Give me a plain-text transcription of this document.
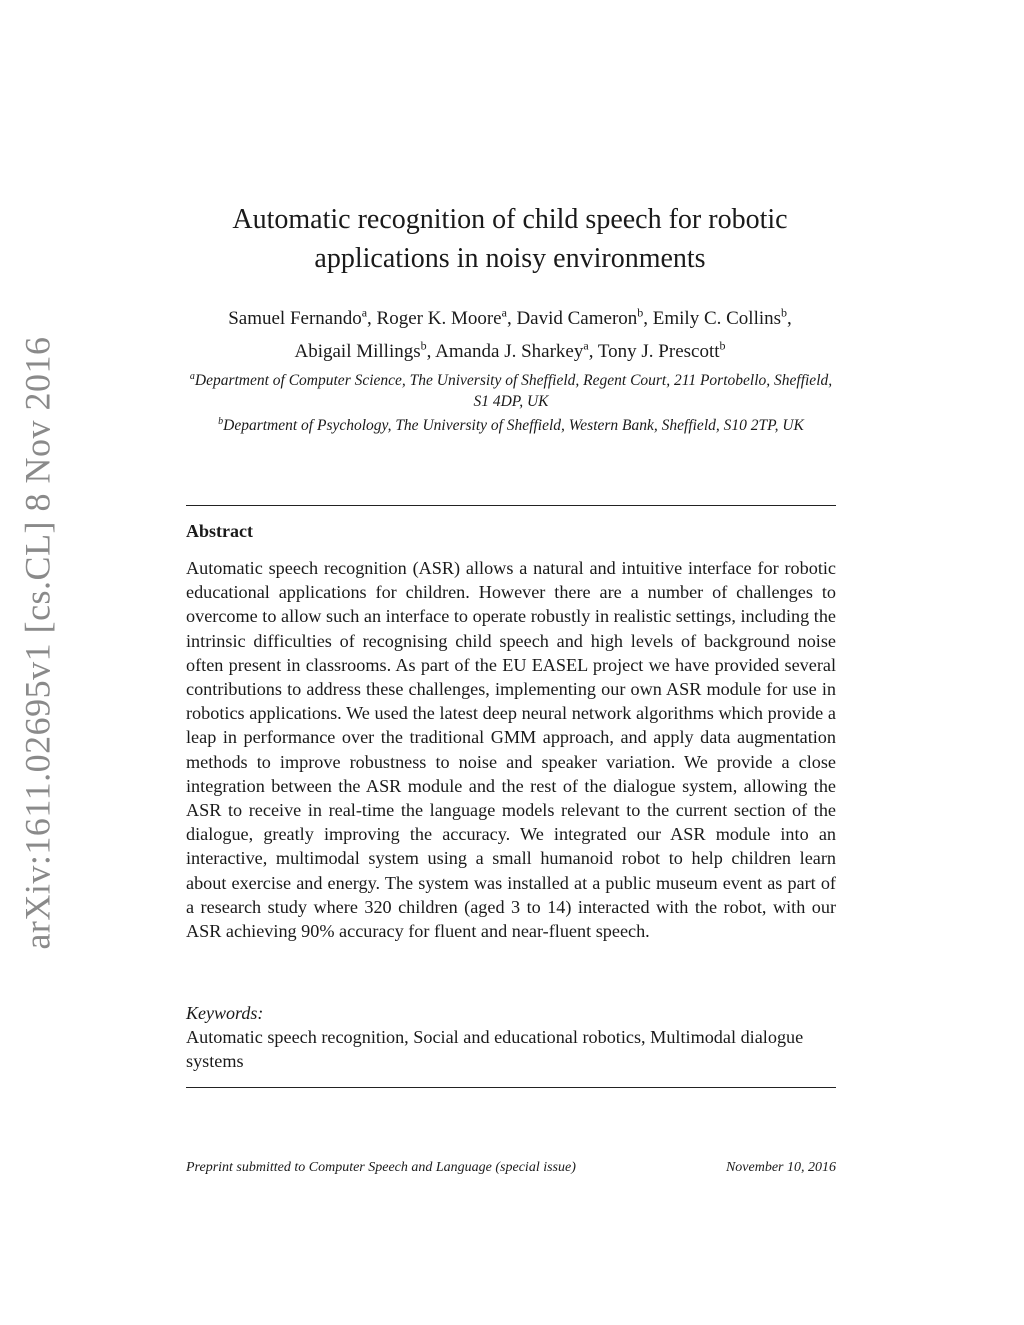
arXiv:1611.02695v1 [cs.CL] 8 Nov 2016
Automatic recognition of child speech for robotic applications in noisy environments
Samuel Fernando$^a$, Roger K. Moore$^a$, David Cameron$^b$, Emily C. Collins$^b$,
Abigail Millings$^b$, Amanda J. Sharkey$^a$, Tony J. Prescott$^b$
$^a$Department of Computer Science, The University of Sheffield, Regent Court, 211 Portobello, Sheffield, S1 4DP, UK
$^b$Department of Psychology, The University of Sheffield, Western Bank, Sheffield, S10 2TP, UK
Abstract

Automatic speech recognition (ASR) allows a natural and intuitive interface for robotic educational applications for children. However there are a number of challenges to overcome to allow such an interface to operate robustly in realistic settings, including the intrinsic difficulties of recognising child speech and high levels of background noise often present in classrooms. As part of the EU EASEL project we have provided several contributions to address these challenges, implementing our own ASR module for use in robotics applications. We used the latest deep neural network algorithms which provide a leap in performance over the traditional GMM approach, and apply data augmentation methods to improve robustness to noise and speaker variation. We provide a close integration between the ASR module and the rest of the dialogue system, allowing the ASR to receive in real-time the language models relevant to the current section of the dialogue, greatly improving the accuracy. We integrated our ASR module into an interactive, multimodal system using a small humanoid robot to help children learn about exercise and energy. The system was installed at a public museum event as part of a research study where 320 children (aged 3 to 14) interacted with the robot, with our ASR achieving 90% accuracy for fluent and near-fluent speech.

Keywords:
Automatic speech recognition, Social and educational robotics, Multimodal dialogue systems
Preprint submitted to Computer Speech and Language (special issue)	November 10, 2016
